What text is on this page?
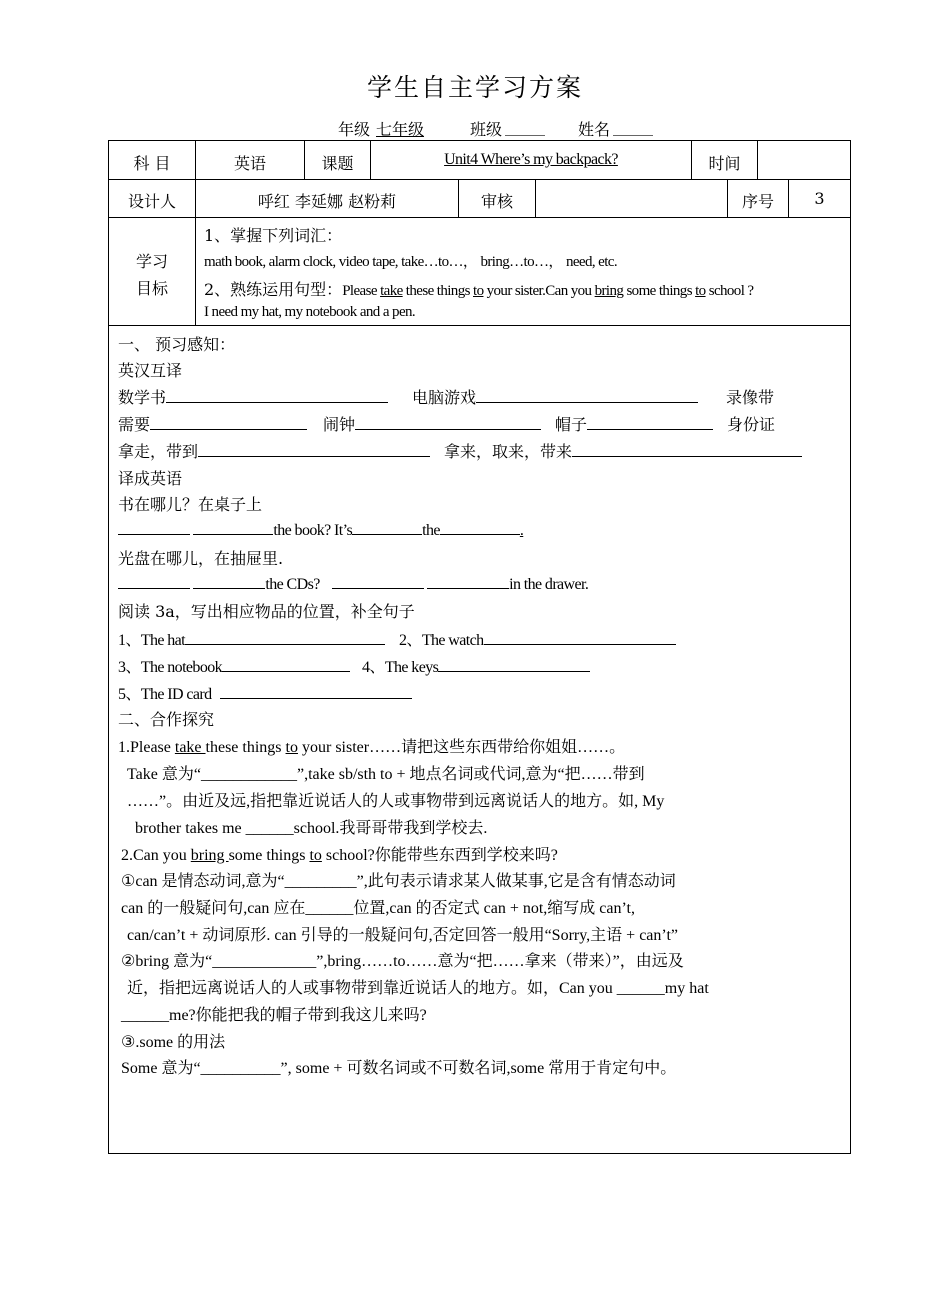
学生自主学习方案
年级 七年级	班级 _____ 姓名 _____
科 目	英语	课题	Unit4 Where’s my backpack?	时间
设计人	呼红 李延娜 赵粉莉	审核	序号	3
学习
目标
1、掌握下列词汇：
math book, alarm clock, video tape, take…to…， bring…to…， need, etc.
2、熟练运用句型：Please take these things to your sister.Can you bring some things to school ?
I need my hat, my notebook and a pen.
一、 预习感知：
英汉互译
数学书	电脑游戏	录像带
需要	闹钟	帽子	身份证
拿走，带到	拿来，取来，带来
译成英语
书在哪儿？在桌子上
the book? It’s	the	.
光盘在哪儿，在抽屉里.
the CDs?	in the drawer.
阅读 3a，写出相应物品的位置，补全句子
1、The hat	2、The watch
3、The notebook	4、The keys
5、The ID card
二、合作探究
1.Please take these things to your sister……请把这些东西带给你姐姐……。
Take 意为“____________”,take sb/sth to + 地点名词或代词,意为“把……带到
……”。由近及远,指把靠近说话人的人或事物带到远离说话人的地方。如, My
brother takes me ______school.我哥哥带我到学校去.
2.Can you bring some things to school?你能带些东西到学校来吗?
①can 是情态动词,意为“_________”,此句表示请求某人做某事,它是含有情态动词
can 的一般疑问句,can 应在______位置,can 的否定式 can + not,缩写成 can’t,
can/can’t + 动词原形. can 引导的一般疑问句,否定回答一般用“Sorry,主语 + can’t”
②bring 意为“_____________”,bring……to……意为“把……拿来（带来）”，由远及
近，指把远离说话人的人或事物带到靠近说话人的地方。如，Can you ______my hat
______me?你能把我的帽子带到我这儿来吗?
③.some 的用法
Some 意为“__________”, some + 可数名词或不可数名词,some 常用于肯定句中。
